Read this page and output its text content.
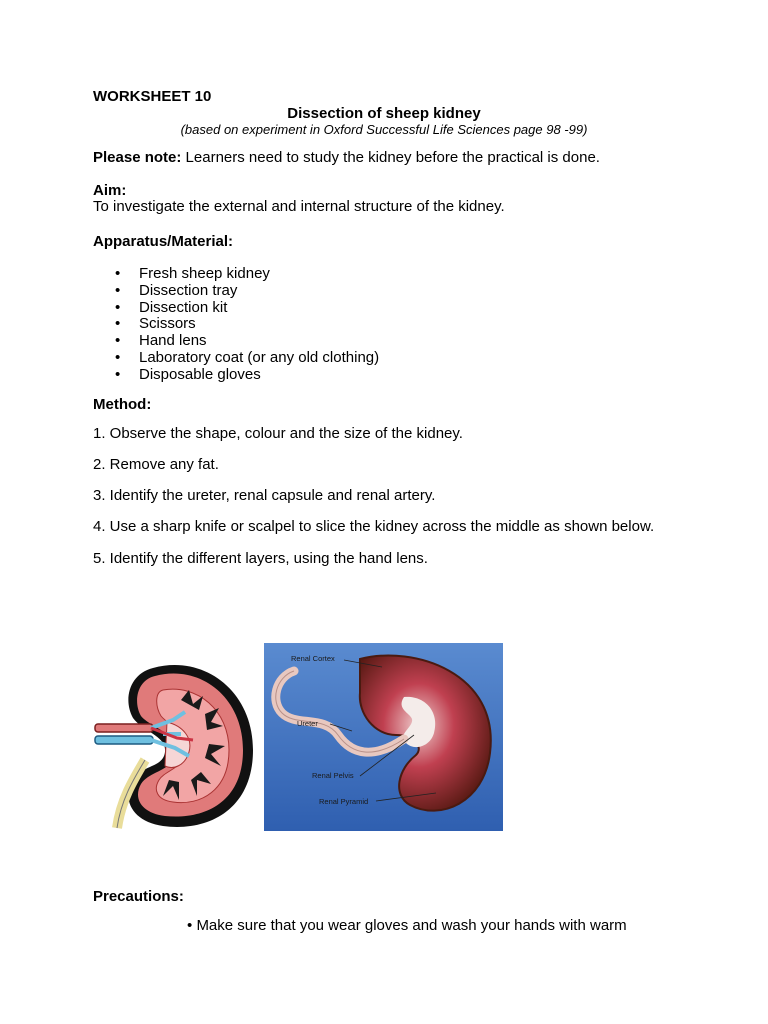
WORKSHEET 10
Dissection of sheep kidney
(based on experiment in Oxford Successful Life Sciences page 98 -99)
Please note: Learners need to study the kidney before the practical is done.
Aim:
To investigate the external and internal structure of the kidney.
Apparatus/Material:
• Fresh sheep kidney
• Dissection tray
• Dissection kit
• Scissors
• Hand lens
• Laboratory coat (or any old clothing)
• Disposable gloves
Method:
1. Observe the shape, colour and the size of the kidney.
2. Remove any fat.
3. Identify the ureter, renal capsule and renal artery.
4. Use a sharp knife or scalpel to slice the kidney across the middle as shown below.
5. Identify the different layers, using the hand lens.
Renal Cortex
Ureter
Renal Pelvis
Renal Pyramid
Precautions:
• Make sure that you wear gloves and wash your hands with warm
